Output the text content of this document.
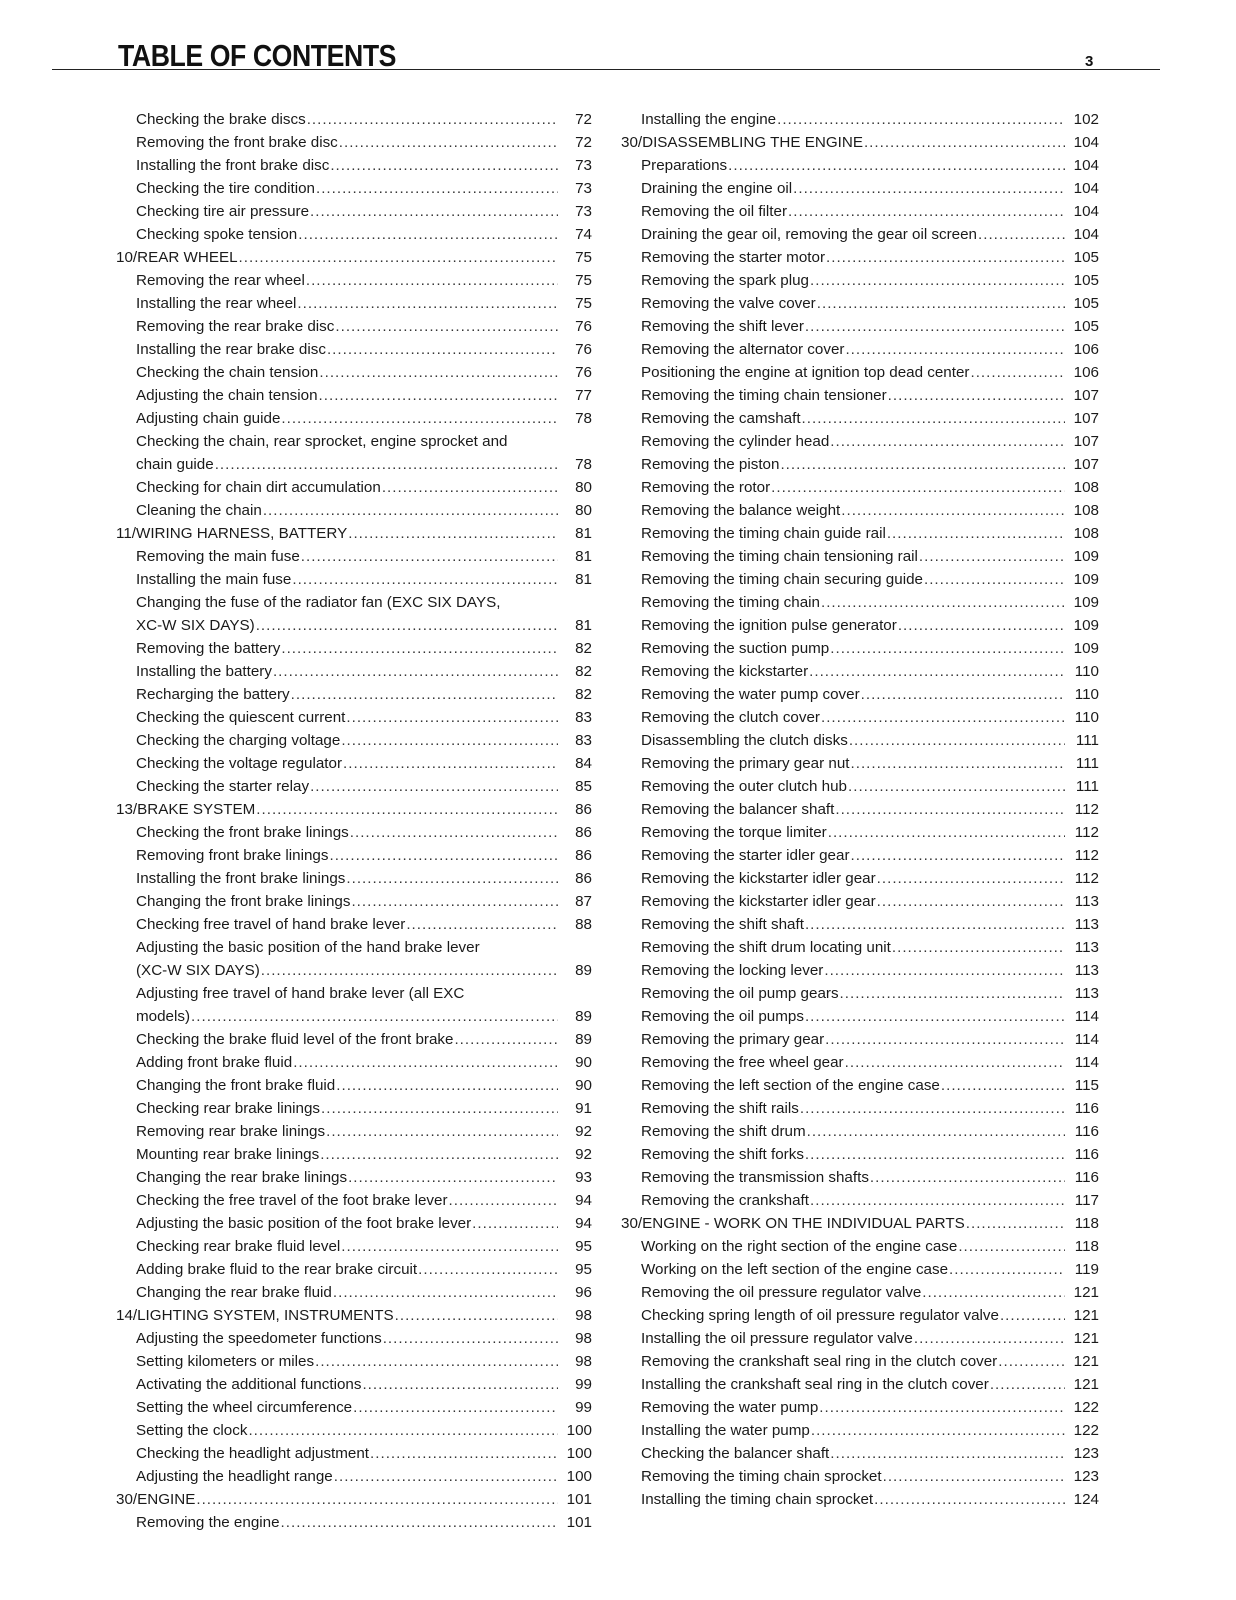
TABLE OF CONTENTS	3
Checking the brake discs .....	72
Removing the front brake disc .....	72
Installing the front brake disc .....	73
Checking the tire condition .....	73
Checking tire air pressure .....	73
Checking spoke tension .....	74
10/REAR WHEEL .....	75
Removing the rear wheel .....	75
Installing the rear wheel .....	75
Removing the rear brake disc .....	76
Installing the rear brake disc .....	76
Checking the chain tension .....	76
Adjusting the chain tension .....	77
Adjusting chain guide .....	78
Checking the chain, rear sprocket, engine sprocket and
chain guide .....	78
Checking for chain dirt accumulation .....	80
Cleaning the chain .....	80
11/WIRING HARNESS, BATTERY .....	81
Removing the main fuse .....	81
Installing the main fuse .....	81
Changing the fuse of the radiator fan (EXC SIX DAYS,
XC-W SIX DAYS) .....	81
Removing the battery .....	82
Installing the battery .....	82
Recharging the battery .....	82
Checking the quiescent current .....	83
Checking the charging voltage .....	83
Checking the voltage regulator .....	84
Checking the starter relay .....	85
13/BRAKE SYSTEM .....	86
Checking the front brake linings .....	86
Removing front brake linings .....	86
Installing the front brake linings .....	86
Changing the front brake linings .....	87
Checking free travel of hand brake lever .....	88
Adjusting the basic position of the hand brake lever
(XC-W SIX DAYS) .....	89
Adjusting free travel of hand brake lever (all EXC
models) .....	89
Checking the brake fluid level of the front brake .....	89
Adding front brake fluid .....	90
Changing the front brake fluid .....	90
Checking rear brake linings .....	91
Removing rear brake linings .....	92
Mounting rear brake linings .....	92
Changing the rear brake linings .....	93
Checking the free travel of the foot brake lever .....	94
Adjusting the basic position of the foot brake lever .....	94
Checking rear brake fluid level .....	95
Adding brake fluid to the rear brake circuit .....	95
Changing the rear brake fluid .....	96
14/LIGHTING SYSTEM, INSTRUMENTS .....	98
Adjusting the speedometer functions .....	98
Setting kilometers or miles .....	98
Activating the additional functions .....	99
Setting the wheel circumference .....	99
Setting the clock .....	100
Checking the headlight adjustment .....	100
Adjusting the headlight range .....	100
30/ENGINE .....	101
Removing the engine .....	101
Installing the engine .....	102
30/DISASSEMBLING THE ENGINE .....	104
Preparations .....	104
Draining the engine oil .....	104
Removing the oil filter .....	104
Draining the gear oil, removing the gear oil screen .....	104
Removing the starter motor .....	105
Removing the spark plug .....	105
Removing the valve cover .....	105
Removing the shift lever .....	105
Removing the alternator cover .....	106
Positioning the engine at ignition top dead center .....	106
Removing the timing chain tensioner .....	107
Removing the camshaft .....	107
Removing the cylinder head .....	107
Removing the piston .....	107
Removing the rotor .....	108
Removing the balance weight .....	108
Removing the timing chain guide rail .....	108
Removing the timing chain tensioning rail .....	109
Removing the timing chain securing guide .....	109
Removing the timing chain .....	109
Removing the ignition pulse generator .....	109
Removing the suction pump .....	109
Removing the kickstarter .....	110
Removing the water pump cover .....	110
Removing the clutch cover .....	110
Disassembling the clutch disks .....	111
Removing the primary gear nut .....	111
Removing the outer clutch hub .....	111
Removing the balancer shaft .....	112
Removing the torque limiter .....	112
Removing the starter idler gear .....	112
Removing the kickstarter idler gear .....	112
Removing the kickstarter idler gear .....	113
Removing the shift shaft .....	113
Removing the shift drum locating unit .....	113
Removing the locking lever .....	113
Removing the oil pump gears .....	113
Removing the oil pumps .....	114
Removing the primary gear .....	114
Removing the free wheel gear .....	114
Removing the left section of the engine case .....	115
Removing the shift rails .....	116
Removing the shift drum .....	116
Removing the shift forks .....	116
Removing the transmission shafts .....	116
Removing the crankshaft .....	117
30/ENGINE - WORK ON THE INDIVIDUAL PARTS .....	118
Working on the right section of the engine case .....	118
Working on the left section of the engine case .....	119
Removing the oil pressure regulator valve .....	121
Checking spring length of oil pressure regulator valve .....	121
Installing the oil pressure regulator valve .....	121
Removing the crankshaft seal ring in the clutch cover .....	121
Installing the crankshaft seal ring in the clutch cover .....	121
Removing the water pump .....	122
Installing the water pump .....	122
Checking the balancer shaft .....	123
Removing the timing chain sprocket .....	123
Installing the timing chain sprocket .....	124
